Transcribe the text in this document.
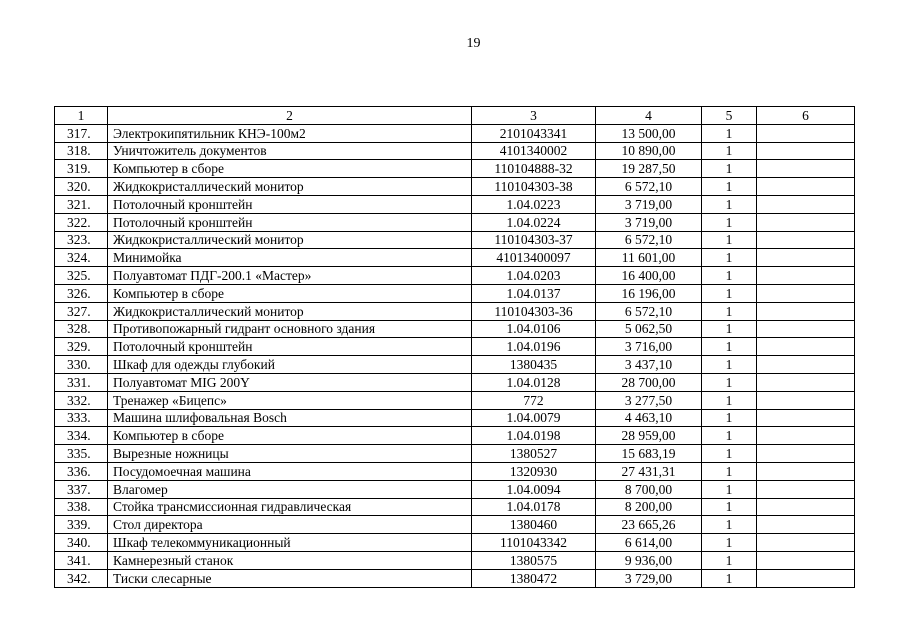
19
1	2	3	4	5	6
317.	Электрокипятильник КНЭ-100м2	2101043341	13 500,00	1	
318.	Уничтожитель документов	4101340002	10 890,00	1	
319.	Компьютер в сборе	110104888-32	19 287,50	1	
320.	Жидкокристаллический монитор	110104303-38	6 572,10	1	
321.	Потолочный кронштейн	1.04.0223	3 719,00	1	
322.	Потолочный кронштейн	1.04.0224	3 719,00	1	
323.	Жидкокристаллический монитор	110104303-37	6 572,10	1	
324.	Минимойка	41013400097	11 601,00	1	
325.	Полуавтомат ПДГ-200.1 «Мастер»	1.04.0203	16 400,00	1	
326.	Компьютер в сборе	1.04.0137	16 196,00	1	
327.	Жидкокристаллический монитор	110104303-36	6 572,10	1	
328.	Противопожарный гидрант основного здания	1.04.0106	5 062,50	1	
329.	Потолочный кронштейн	1.04.0196	3 716,00	1	
330.	Шкаф для одежды глубокий	1380435	3 437,10	1	
331.	Полуавтомат MIG 200Y	1.04.0128	28 700,00	1	
332.	Тренажер «Бицепс»	772	3 277,50	1	
333.	Машина шлифовальная Bosch	1.04.0079	4 463,10	1	
334.	Компьютер в сборе	1.04.0198	28 959,00	1	
335.	Вырезные ножницы	1380527	15 683,19	1	
336.	Посудомоечная машина	1320930	27 431,31	1	
337.	Влагомер	1.04.0094	8 700,00	1	
338.	Стойка трансмиссионная гидравлическая	1.04.0178	8 200,00	1	
339.	Стол директора	1380460	23 665,26	1	
340.	Шкаф телекоммуникационный	1101043342	6 614,00	1	
341.	Камнерезный станок	1380575	9 936,00	1	
342.	Тиски слесарные	1380472	3 729,00	1	
